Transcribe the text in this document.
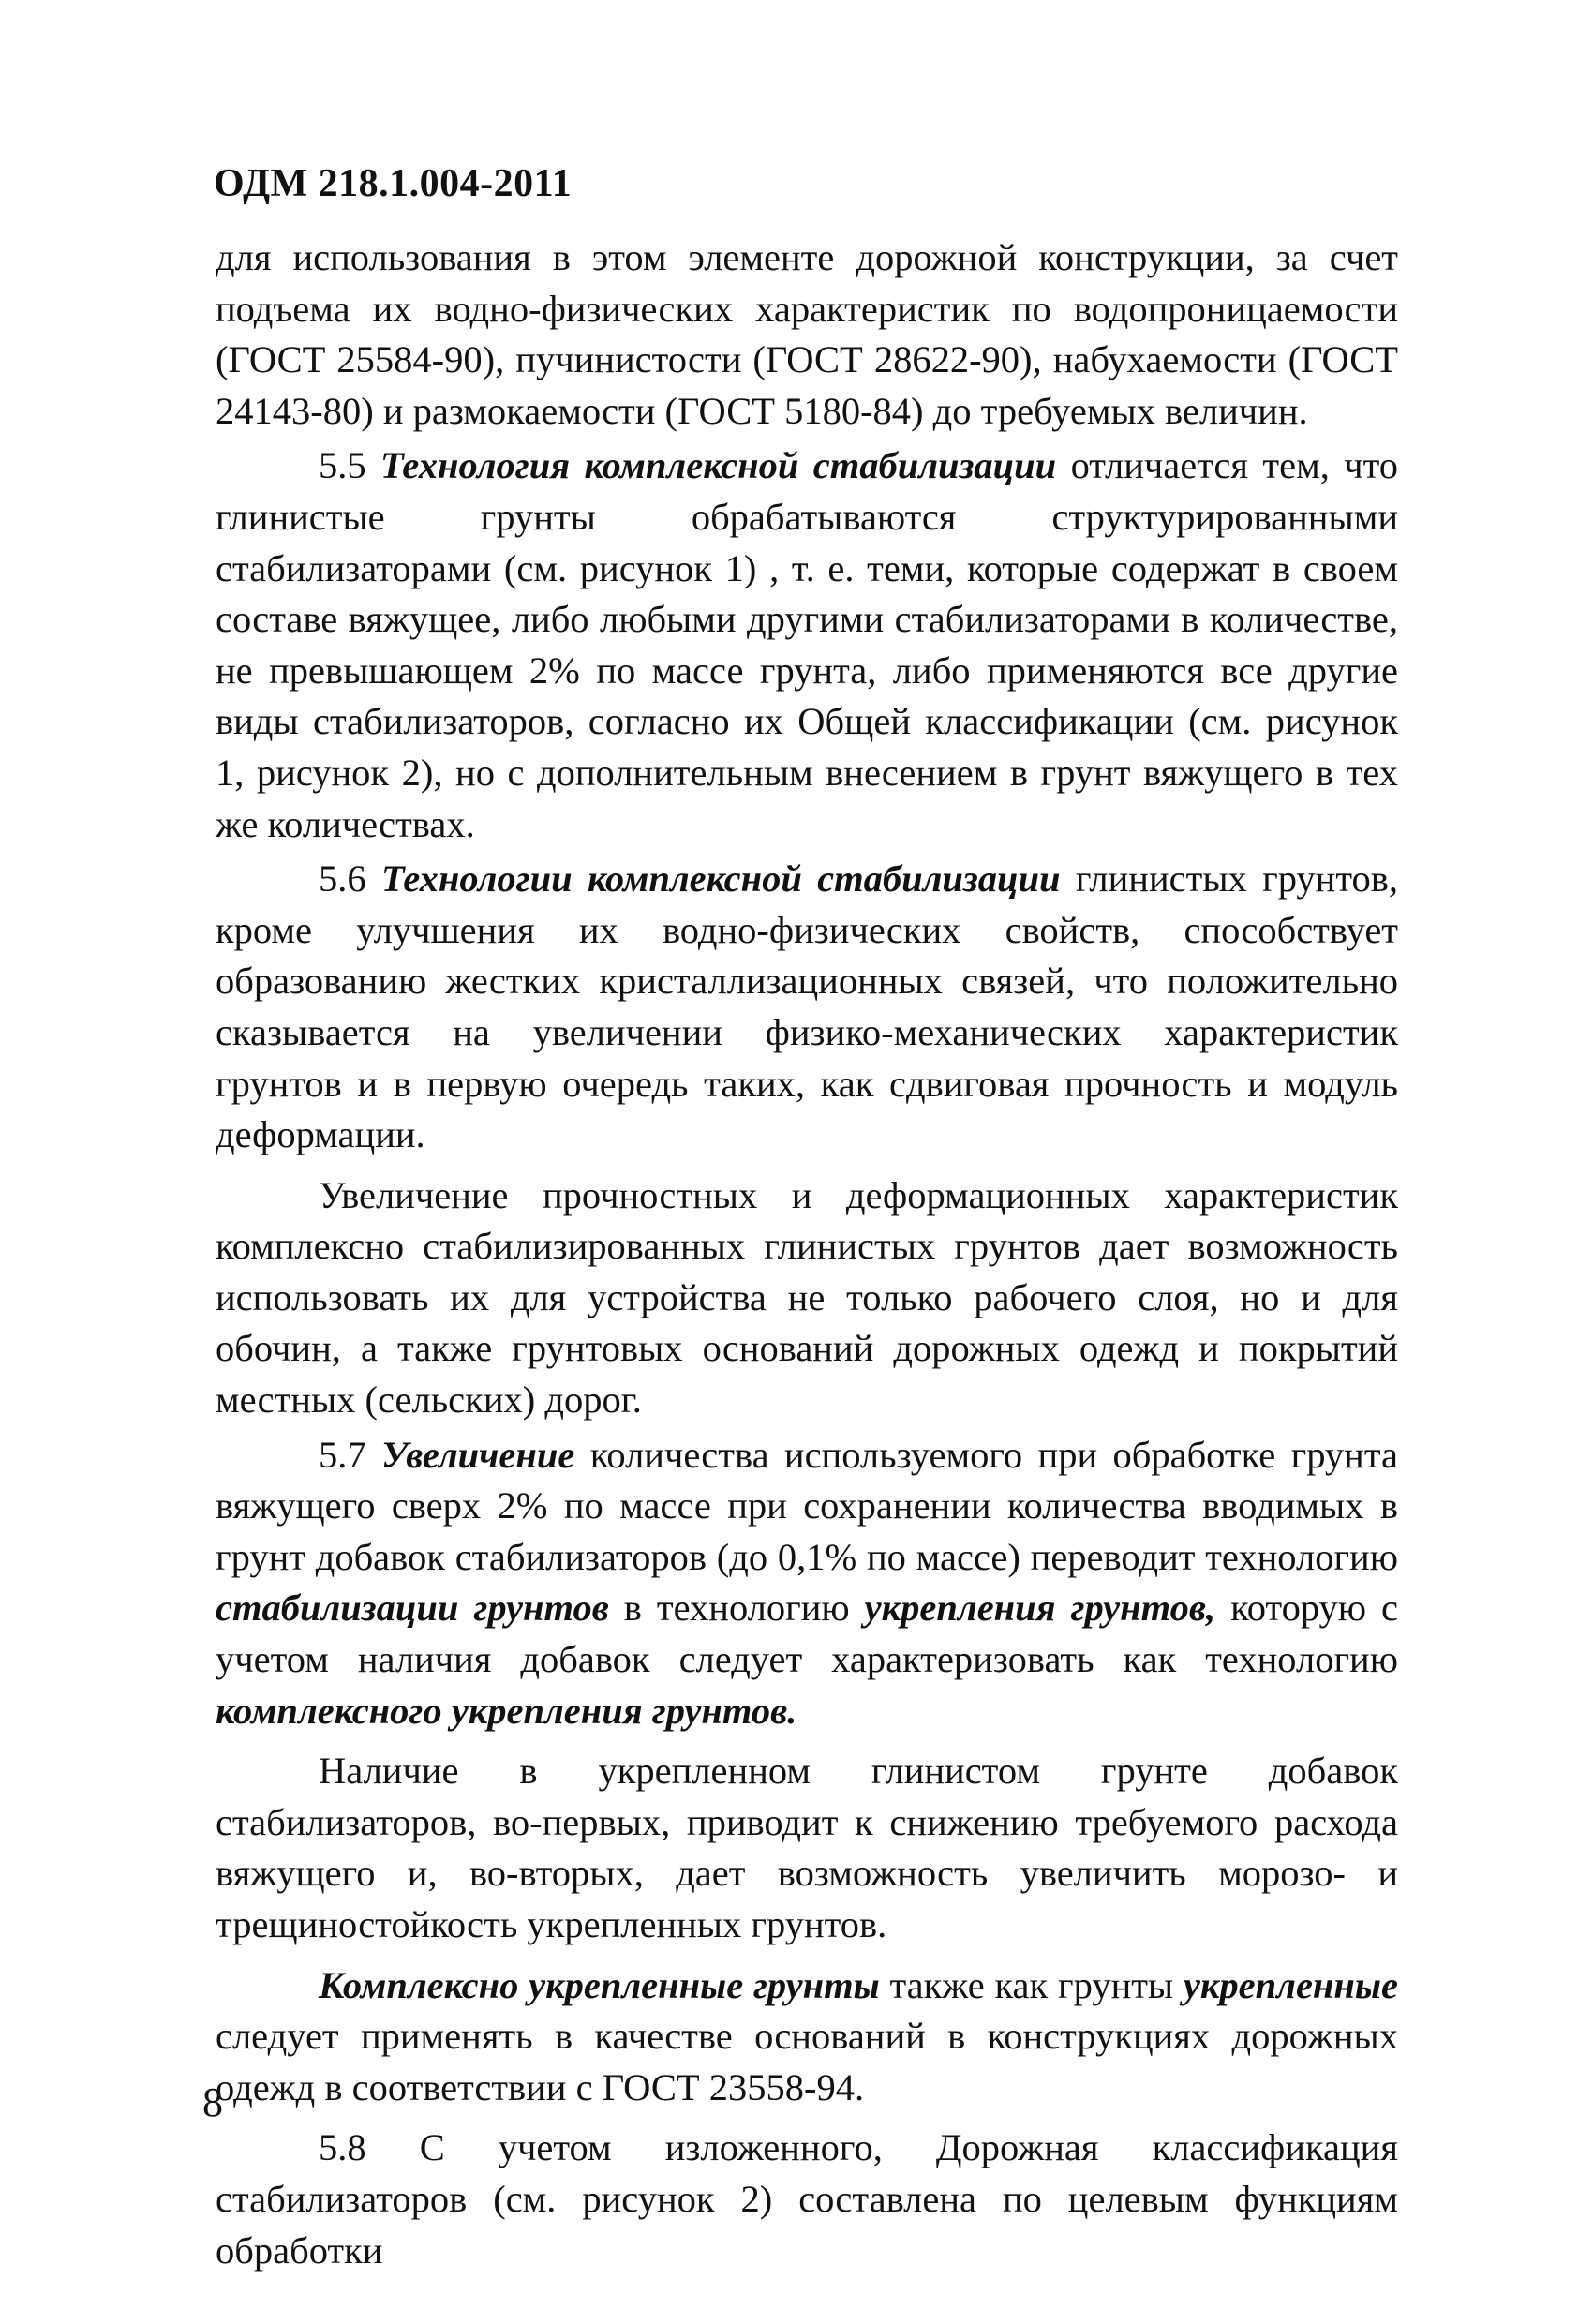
ОДМ 218.1.004-2011

для использования в этом элементе дорожной конструкции, за счет подъема их водно-физических характеристик по водопроницаемости (ГОСТ 25584-90), пучинистости (ГОСТ 28622-90), набухаемости (ГОСТ 24143-80) и размокаемости (ГОСТ 5180-84) до требуемых величин.

5.5 Технология комплексной стабилизации отличается тем, что глинистые грунты обрабатываются структурированными стабилизаторами (см. рисунок 1) , т. е. теми, которые содержат в своем составе вяжущее, либо любыми другими стабилизаторами в количестве, не превышающем 2% по массе грунта, либо применяются все другие виды стабилизаторов, согласно их Общей классификации (см. рисунок 1, рисунок 2), но с дополнительным внесением в грунт вяжущего в тех же количествах.

5.6 Технологии комплексной стабилизации глинистых грунтов, кроме улучшения их водно-физических свойств, способствует образованию жестких кристаллизационных связей, что положительно сказывается на увеличении физико-механических характеристик грунтов и в первую очередь таких, как сдвиговая прочность и модуль деформации.

Увеличение прочностных и деформационных характеристик комплексно стабилизированных глинистых грунтов дает возможность использовать их для устройства не только рабочего слоя, но и для обочин, а также грунтовых оснований дорожных одежд и покрытий местных (сельских) дорог.

5.7 Увеличение количества используемого при обработке грунта вяжущего сверх 2% по массе при сохранении количества вводимых в грунт добавок стабилизаторов (до 0,1% по массе) переводит технологию стабилизации грунтов в технологию укрепления грунтов, которую с учетом наличия добавок следует характеризовать как технологию комплексного укрепления грунтов.

Наличие в укрепленном глинистом грунте добавок стабилизаторов, во-первых, приводит к снижению требуемого расхода вяжущего и, во-вторых, дает возможность увеличить морозо- и трещиностойкость укрепленных грунтов.

Комплексно укрепленные грунты также как грунты укрепленные следует применять в качестве оснований в конструкциях дорожных одежд в соответствии с ГОСТ 23558-94.

5.8 С учетом изложенного, Дорожная классификация стабилизаторов (см. рисунок 2) составлена по целевым функциям обработки

8
